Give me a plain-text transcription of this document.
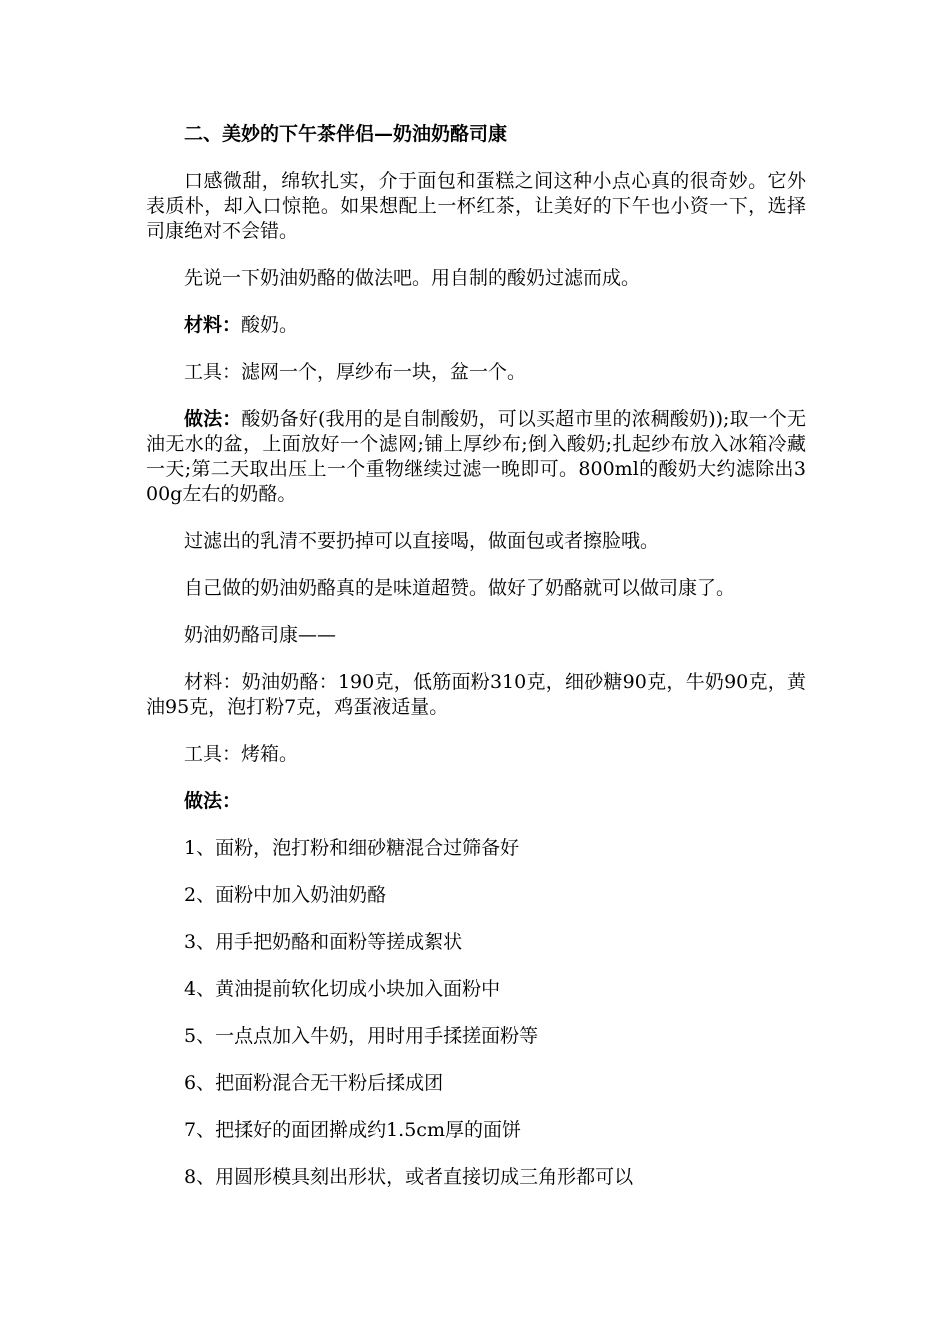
二、美妙的下午茶伴侣—奶油奶酪司康

口感微甜，绵软扎实，介于面包和蛋糕之间这种小点心真的很奇妙。它外表质朴，却入口惊艳。如果想配上一杯红茶，让美好的下午也小资一下，选择司康绝对不会错。

先说一下奶油奶酪的做法吧。用自制的酸奶过滤而成。

材料：酸奶。

工具：滤网一个，厚纱布一块，盆一个。

做法：酸奶备好(我用的是自制酸奶，可以买超市里的浓稠酸奶));取一个无油无水的盆，上面放好一个滤网;铺上厚纱布;倒入酸奶;扎起纱布放入冰箱冷藏一天;第二天取出压上一个重物继续过滤一晚即可。800ml的酸奶大约滤除出300g左右的奶酪。

过滤出的乳清不要扔掉可以直接喝，做面包或者擦脸哦。

自己做的奶油奶酪真的是味道超赞。做好了奶酪就可以做司康了。

奶油奶酪司康——

材料：奶油奶酪：190克，低筋面粉310克，细砂糖90克，牛奶90克，黄油95克，泡打粉7克，鸡蛋液适量。

工具：烤箱。

做法：

1、面粉，泡打粉和细砂糖混合过筛备好

2、面粉中加入奶油奶酪

3、用手把奶酪和面粉等搓成絮状

4、黄油提前软化切成小块加入面粉中

5、一点点加入牛奶，用时用手揉搓面粉等

6、把面粉混合无干粉后揉成团

7、把揉好的面团擀成约1.5cm厚的面饼

8、用圆形模具刻出形状，或者直接切成三角形都可以
